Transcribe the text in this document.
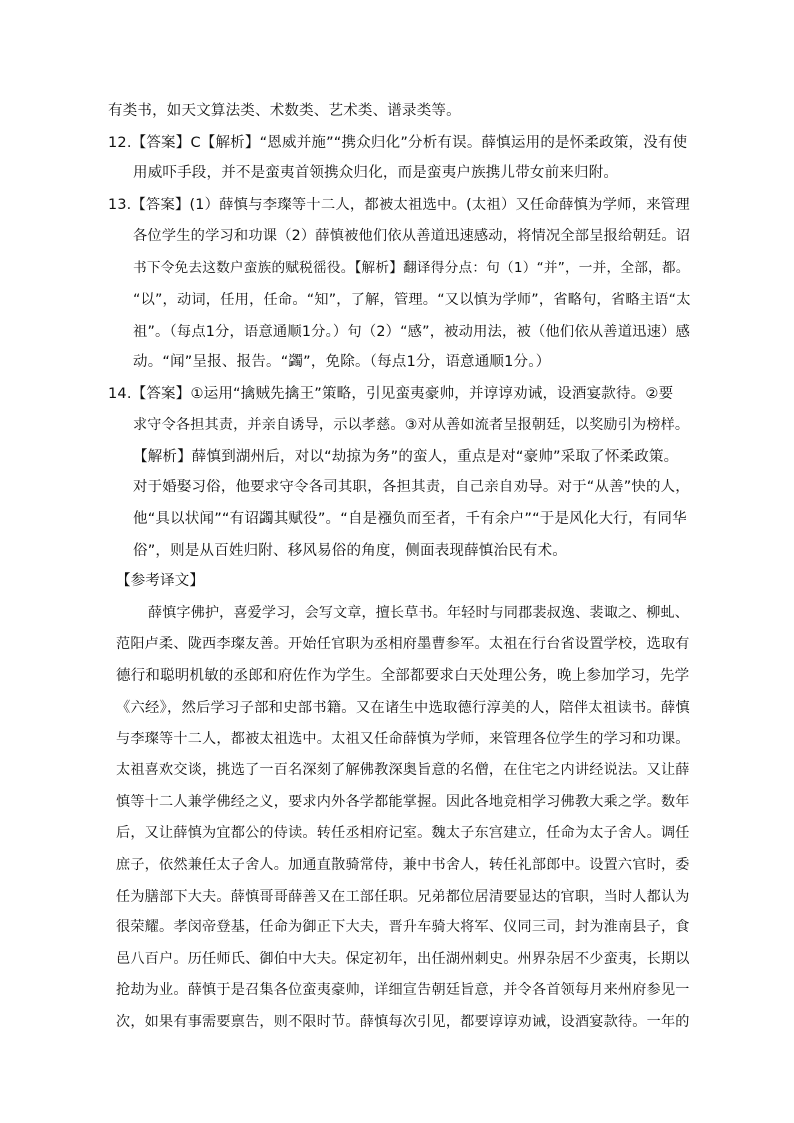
有类书，如天文算法类、术数类、艺术类、谱录类等。
12.【答案】C【解析】“恩威并施”“携众归化”分析有误。薛慎运用的是怀柔政策，没有使
用威吓手段，并不是蛮夷首领携众归化，而是蛮夷户族携儿带女前来归附。
13.【答案】(1）薛慎与李璨等十二人，都被太祖选中。(太祖）又任命薛慎为学师，来管理
各位学生的学习和功课（2）薛慎被他们依从善道迅速感动，将情况全部呈报给朝廷。诏
书下令免去这数户蛮族的赋税徭役。【解析】翻译得分点：句（1）“并”，一并，全部，都。
“以”，动词，任用，任命。“知”，了解，管理。“又以慎为学师”，省略句，省略主语“太
祖”。（每点1分，语意通顺1分。）句（2）“感”，被动用法，被（他们依从善道迅速）感
动。“闻”呈报、报告。“蠲”，免除。（每点1分，语意通顺1分。）
14.【答案】①运用“擒贼先擒王”策略，引见蛮夷豪帅，并谆谆劝诫，设酒宴款待。②要
求守令各担其责，并亲自诱导，示以孝慈。③对从善如流者呈报朝廷，以奖励引为榜样。
【解析】薛慎到湖州后，对以“劫掠为务”的蛮人，重点是对“豪帅”采取了怀柔政策。
对于婚娶习俗，他要求守令各司其职，各担其责，自己亲自劝导。对于“从善”快的人，
他“具以状闻”“有诏蠲其赋役”。“自是襁负而至者，千有余户”“于是风化大行，有同华
俗”，则是从百姓归附、移风易俗的角度，侧面表现薛慎治民有术。
【参考译文】
薛慎字佛护，喜爱学习，会写文章，擅长草书。年轻时与同郡裴叔逸、裴诹之、柳虬、
范阳卢柔、陇西李璨友善。开始任官职为丞相府墨曹参军。太祖在行台省设置学校，选取有
德行和聪明机敏的丞郎和府佐作为学生。全部都要求白天处理公务，晚上参加学习，先学
《六经》，然后学习子部和史部书籍。又在诸生中选取德行淳美的人，陪伴太祖读书。薛慎
与李璨等十二人，都被太祖选中。太祖又任命薛慎为学师，来管理各位学生的学习和功课。
太祖喜欢交谈，挑选了一百名深刻了解佛教深奥旨意的名僧，在住宅之内讲经说法。又让薛
慎等十二人兼学佛经之义，要求内外各学都能掌握。因此各地竞相学习佛教大乘之学。数年
后，又让薛慎为宜都公的侍读。转任丞相府记室。魏太子东宫建立，任命为太子舍人。调任
庶子，依然兼任太子舍人。加通直散骑常侍，兼中书舍人，转任礼部郎中。设置六官时，委
任为膳部下大夫。薛慎哥哥薛善又在工部任职。兄弟都位居清要显达的官职，当时人都认为
很荣耀。孝闵帝登基，任命为御正下大夫，晋升车骑大将军、仪同三司，封为淮南县子，食
邑八百户。历任师氏、御伯中大夫。保定初年，出任湖州刺史。州界杂居不少蛮夷，长期以
抢劫为业。薛慎于是召集各位蛮夷豪帅，详细宣告朝廷旨意，并令各首领每月来州府参见一
次，如果有事需要禀告，则不限时节。薛慎每次引见，都要谆谆劝诫，设酒宴款待。一年的
